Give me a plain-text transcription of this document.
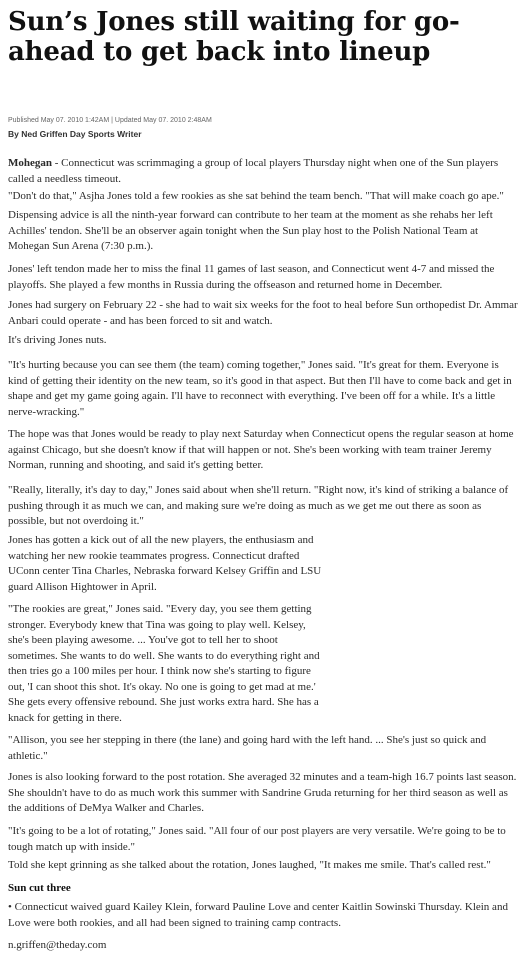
Sun’s Jones still waiting for go-ahead to get back into lineup
Published May 07. 2010 1:42AM | Updated May 07. 2010 2:48AM
By Ned Griffen Day Sports Writer

Mohegan - Connecticut was scrimmaging a group of local players Thursday night when one of the Sun players called a needless timeout.

"Don't do that," Asjha Jones told a few rookies as she sat behind the team bench. "That will make coach go ape."

Dispensing advice is all the ninth-year forward can contribute to her team at the moment as she rehabs her left Achilles' tendon. She'll be an observer again tonight when the Sun play host to the Polish National Team at Mohegan Sun Arena (7:30 p.m.).

Jones' left tendon made her to miss the final 11 games of last season, and Connecticut went 4-7 and missed the playoffs. She played a few months in Russia during the offseason and returned home in December.

Jones had surgery on February 22 - she had to wait six weeks for the foot to heal before Sun orthopedist Dr. Ammar Anbari could operate - and has been forced to sit and watch.

It's driving Jones nuts.

"It's hurting because you can see them (the team) coming together," Jones said. "It's great for them. Everyone is kind of getting their identity on the new team, so it's good in that aspect. But then I'll have to come back and get in shape and get my game going again. I'll have to reconnect with everything. I've been off for a while. It's a little nerve-wracking."

The hope was that Jones would be ready to play next Saturday when Connecticut opens the regular season at home against Chicago, but she doesn't know if that will happen or not. She's been working with team trainer Jeremy Norman, running and shooting, and said it's getting better.

"Really, literally, it's day to day," Jones said about when she'll return. "Right now, it's kind of striking a balance of pushing through it as much we can, and making sure we're doing as much as we get me out there as soon as possible, but not overdoing it."

Jones has gotten a kick out of all the new players, the enthusiasm and watching her new rookie teammates progress. Connecticut drafted UConn center Tina Charles, Nebraska forward Kelsey Griffin and LSU guard Allison Hightower in April.

"The rookies are great," Jones said. "Every day, you see them getting stronger. Everybody knew that Tina was going to play well. Kelsey, she's been playing awesome. ... You've got to tell her to shoot sometimes. She wants to do well. She wants to do everything right and then tries go a 100 miles per hour. I think now she's starting to figure out, 'I can shoot this shot. It's okay. No one is going to get mad at me.' She gets every offensive rebound. She just works extra hard. She has a knack for getting in there.

"Allison, you see her stepping in there (the lane) and going hard with the left hand. ... She's just so quick and athletic."

Jones is also looking forward to the post rotation. She averaged 32 minutes and a team-high 16.7 points last season. She shouldn't have to do as much work this summer with Sandrine Gruda returning for her third season as well as the additions of DeMya Walker and Charles.

"It's going to be a lot of rotating," Jones said. "All four of our post players are very versatile. We're going to be to tough match up with inside."

Told she kept grinning as she talked about the rotation, Jones laughed, "It makes me smile. That's called rest."

Sun cut three

• Connecticut waived guard Kailey Klein, forward Pauline Love and center Kaitlin Sowinski Thursday. Klein and Love were both rookies, and all had been signed to training camp contracts.

n.griffen@theday.com
